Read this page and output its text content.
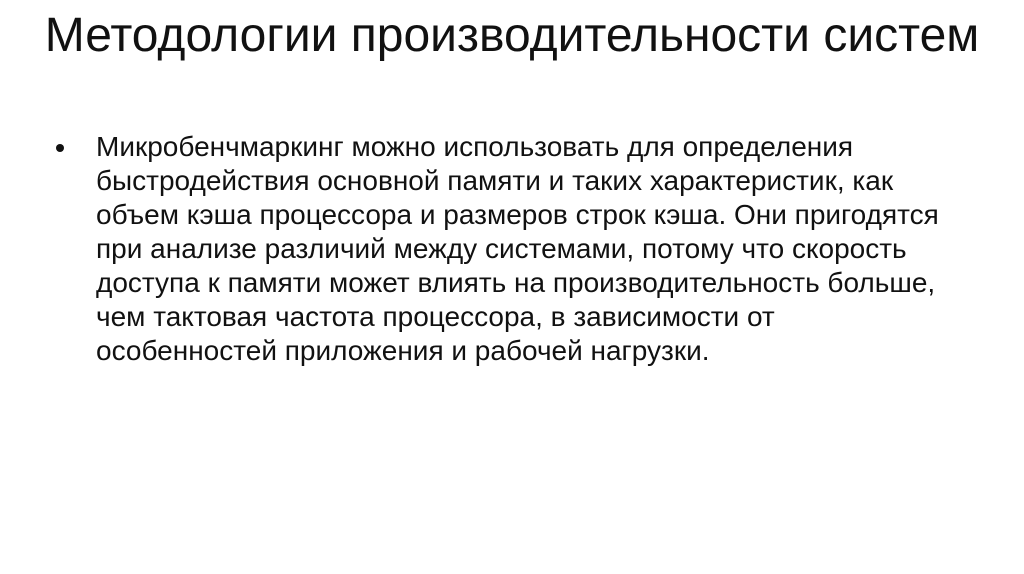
Методологии производительности систем
Микробенчмаркинг можно использовать для определения быстродействия основной памяти и таких характеристик, как объем кэша процессора и размеров строк кэша. Они пригодятся при анализе различий между системами, потому что скорость доступа к памяти может влиять на производительность больше, чем тактовая частота процессора, в зависимости от особенностей приложения и рабочей нагрузки.
